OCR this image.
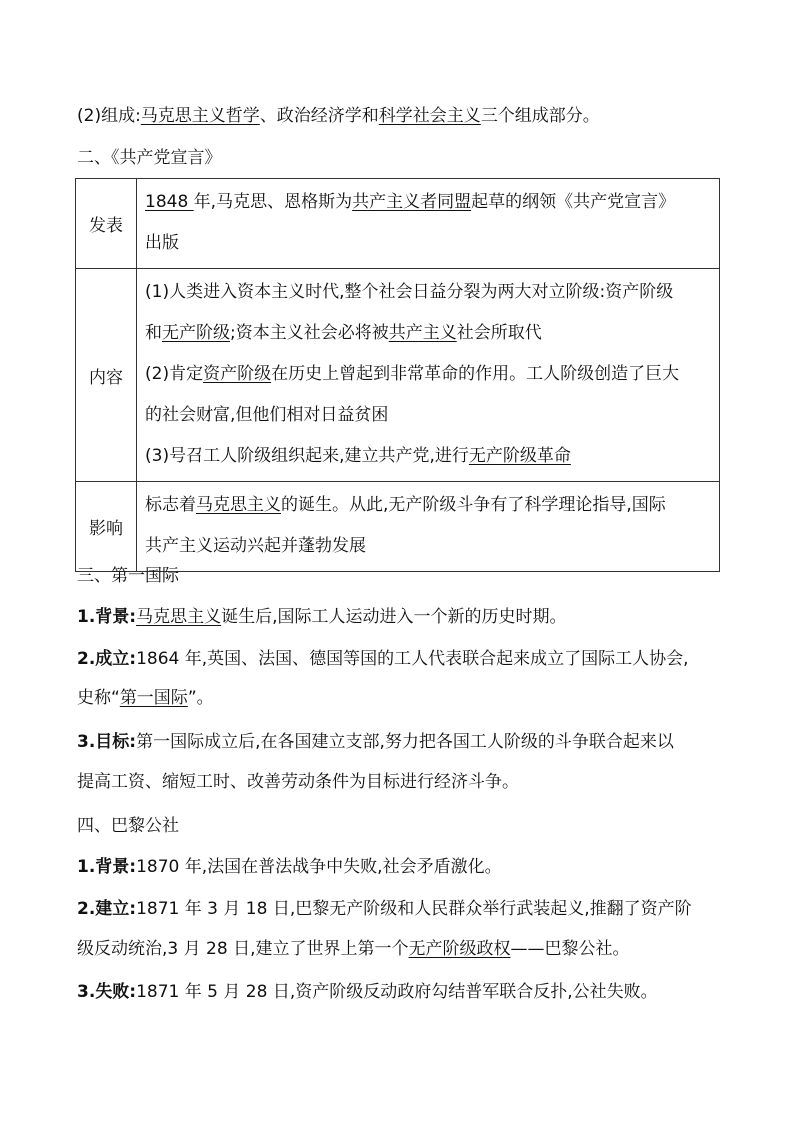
(2)组成:马克思主义哲学、政治经济学和科学社会主义三个组成部分。
二、《共产党宣言》
发表	1848 年,马克思、恩格斯为共产主义者同盟起草的纲领《共产党宣言》
出版

内容	(1)人类进入资本主义时代,整个社会日益分裂为两大对立阶级:资产阶级
和无产阶级;资本主义社会必将被共产主义社会所取代
(2)肯定资产阶级在历史上曾起到非常革命的作用。工人阶级创造了巨大
的社会财富,但他们相对日益贫困
(3)号召工人阶级组织起来,建立共产党,进行无产阶级革命

影响	标志着马克思主义的诞生。从此,无产阶级斗争有了科学理论指导,国际
共产主义运动兴起并蓬勃发展
三、第一国际
1.背景:马克思主义诞生后,国际工人运动进入一个新的历史时期。
2.成立:1864 年,英国、法国、德国等国的工人代表联合起来成立了国际工人协会,
史称“第一国际”。
3.目标:第一国际成立后,在各国建立支部,努力把各国工人阶级的斗争联合起来以
提高工资、缩短工时、改善劳动条件为目标进行经济斗争。
四、巴黎公社
1.背景:1870 年,法国在普法战争中失败,社会矛盾激化。
2.建立:1871 年 3 月 18 日,巴黎无产阶级和人民群众举行武装起义,推翻了资产阶
级反动统治,3 月 28 日,建立了世界上第一个无产阶级政权——巴黎公社。
3.失败:1871 年 5 月 28 日,资产阶级反动政府勾结普军联合反扑,公社失败。
